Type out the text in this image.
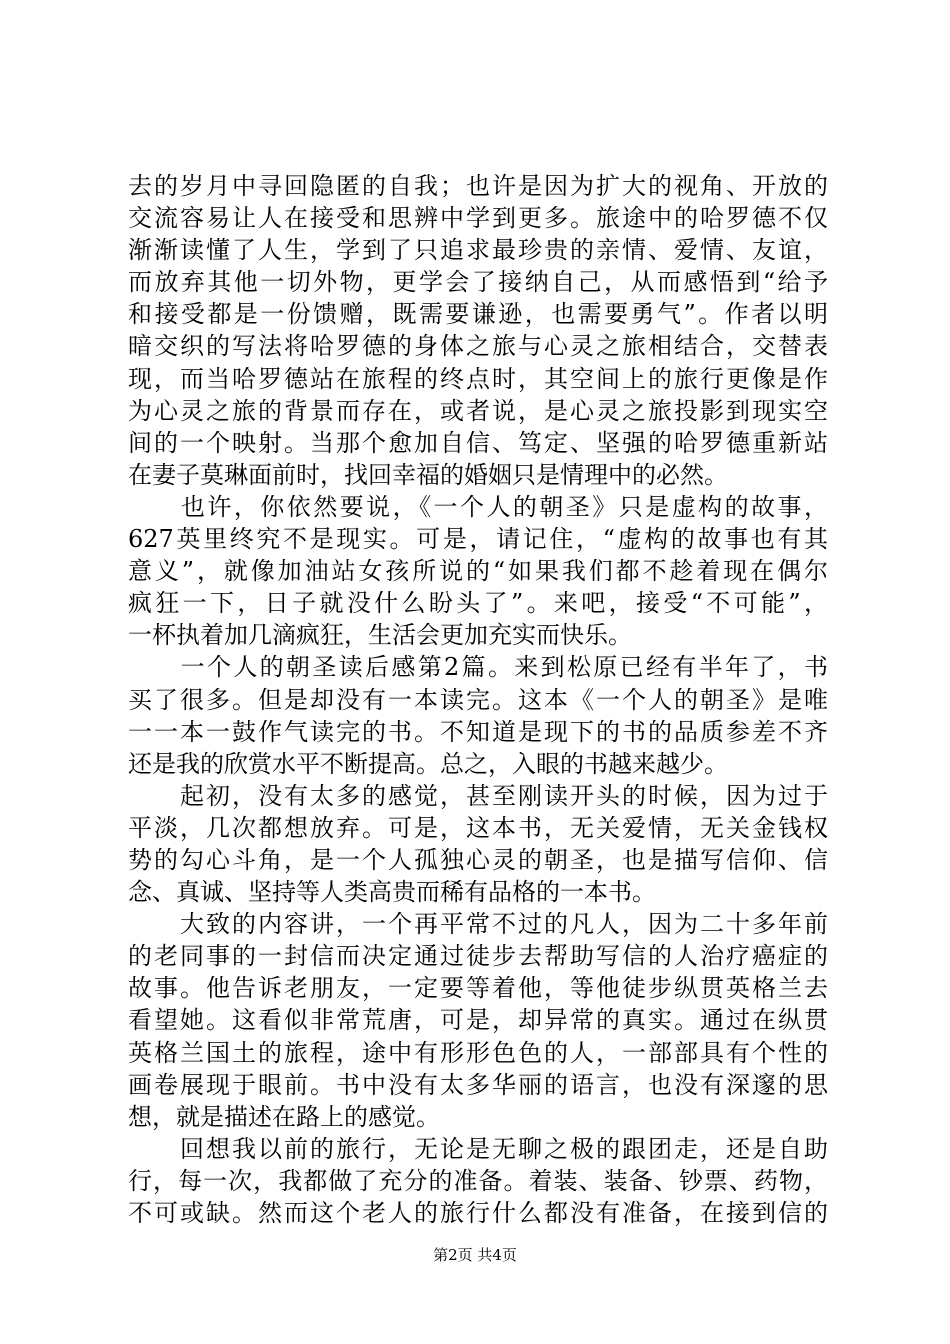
去的岁月中寻回隐匿的自我；也许是因为扩大的视角、开放的
交流容易让人在接受和思辨中学到更多。旅途中的哈罗德不仅
渐渐读懂了人生，学到了只追求最珍贵的亲情、爱情、友谊，
而放弃其他一切外物，更学会了接纳自己，从而感悟到“给予
和接受都是一份馈赠，既需要谦逊，也需要勇气”。作者以明
暗交织的写法将哈罗德的身体之旅与心灵之旅相结合，交替表
现，而当哈罗德站在旅程的终点时，其空间上的旅行更像是作
为心灵之旅的背景而存在，或者说，是心灵之旅投影到现实空
间的一个映射。当那个愈加自信、笃定、坚强的哈罗德重新站
在妻子莫琳面前时，找回幸福的婚姻只是情理中的必然。
　　也许，你依然要说，《一个人的朝圣》只是虚构的故事，
627英里终究不是现实。可是，请记住，“虚构的故事也有其
意义”，就像加油站女孩所说的“如果我们都不趁着现在偶尔
疯狂一下，日子就没什么盼头了”。来吧，接受“不可能”，
一杯执着加几滴疯狂，生活会更加充实而快乐。
　　一个人的朝圣读后感第2篇。来到松原已经有半年了，书
买了很多。但是却没有一本读完。这本《一个人的朝圣》是唯
一一本一鼓作气读完的书。不知道是现下的书的品质参差不齐
还是我的欣赏水平不断提高。总之，入眼的书越来越少。
　　起初，没有太多的感觉，甚至刚读开头的时候，因为过于
平淡，几次都想放弃。可是，这本书，无关爱情，无关金钱权
势的勾心斗角，是一个人孤独心灵的朝圣，也是描写信仰、信
念、真诚、坚持等人类高贵而稀有品格的一本书。
　　大致的内容讲，一个再平常不过的凡人，因为二十多年前
的老同事的一封信而决定通过徒步去帮助写信的人治疗癌症的
故事。他告诉老朋友，一定要等着他，等他徒步纵贯英格兰去
看望她。这看似非常荒唐，可是，却异常的真实。通过在纵贯
英格兰国土的旅程，途中有形形色色的人，一部部具有个性的
画卷展现于眼前。书中没有太多华丽的语言，也没有深邃的思
想，就是描述在路上的感觉。
　　回想我以前的旅行，无论是无聊之极的跟团走，还是自助
行，每一次，我都做了充分的准备。着装、装备、钞票、药物，
不可或缺。然而这个老人的旅行什么都没有准备，在接到信的
第2页 共4页
